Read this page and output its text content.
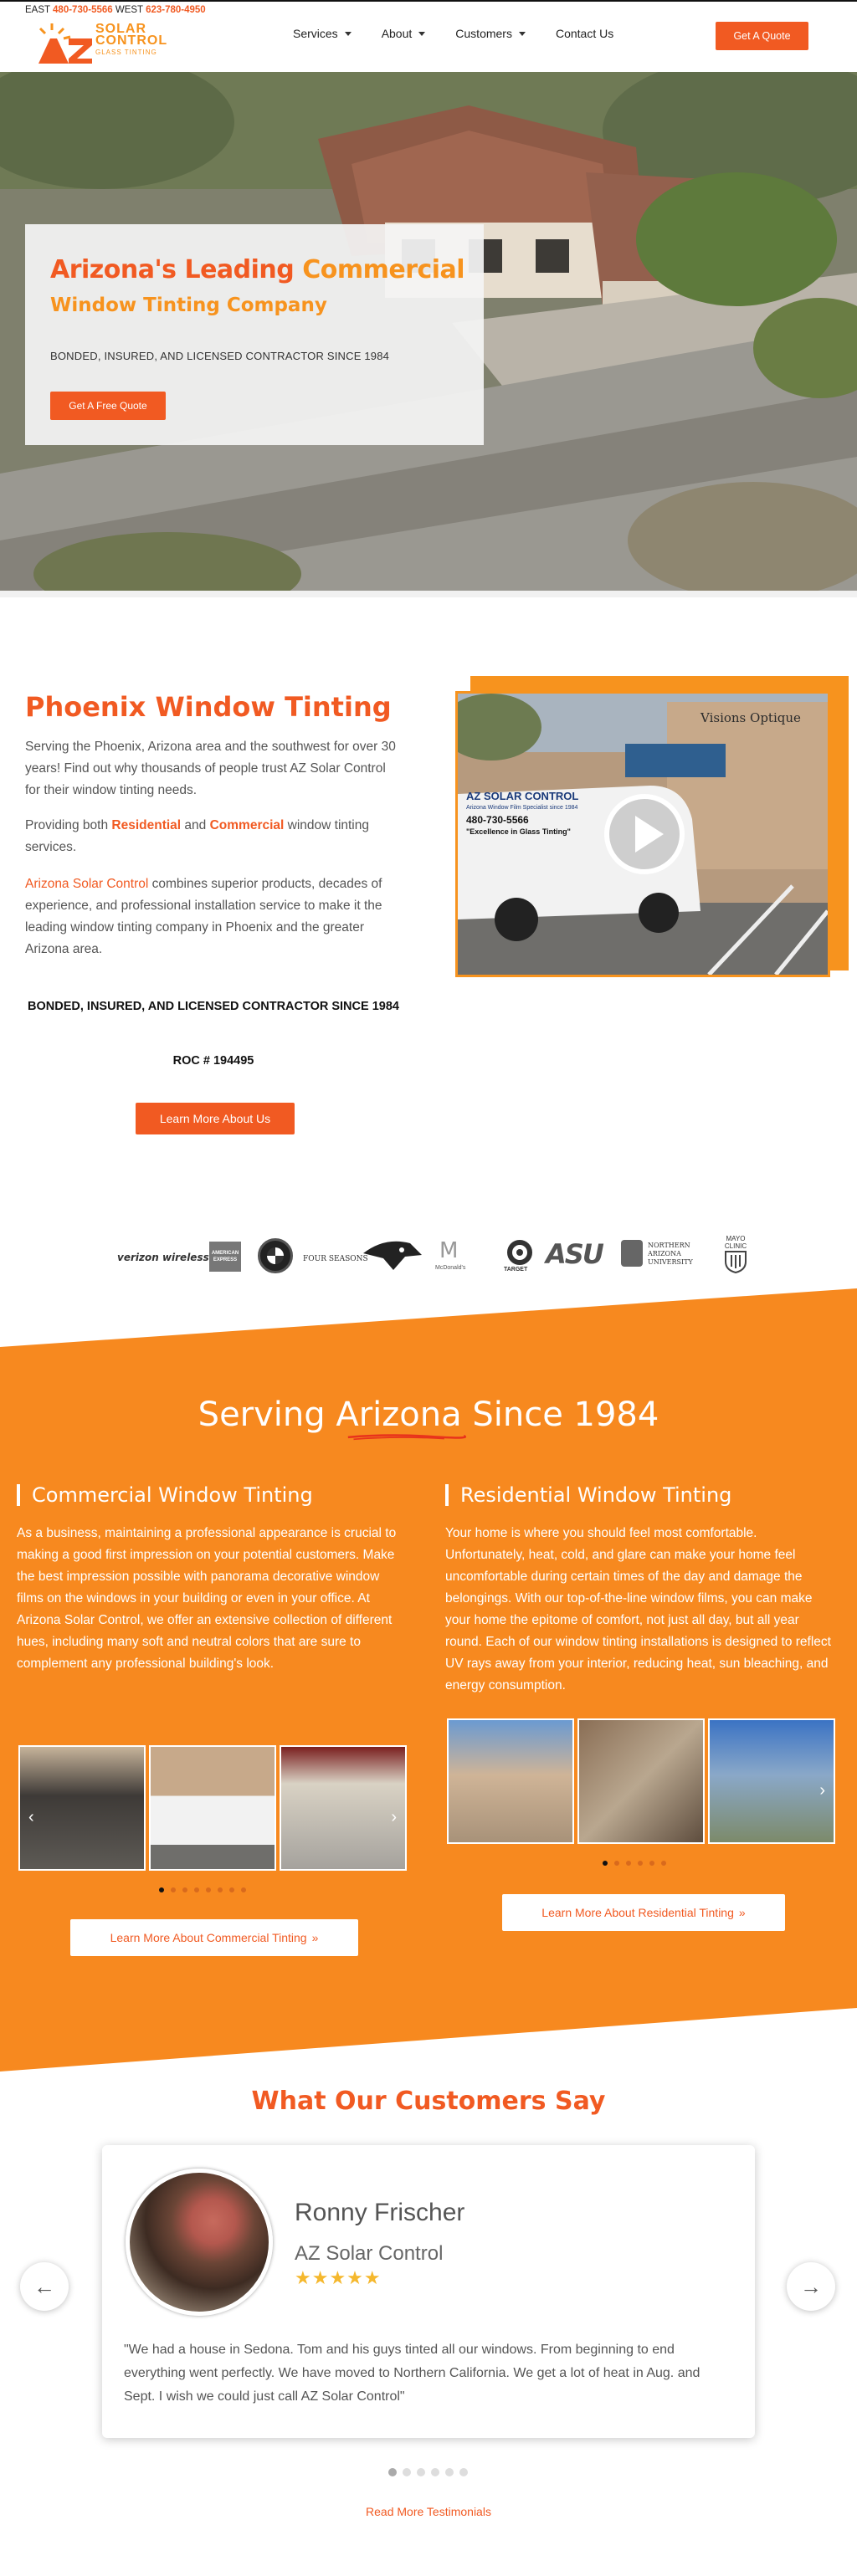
EAST 480-730-5566 WEST 623-780-4950
SOLAR
CONTROL
GLASS TINTING
Services	About	Customers	Contact Us	Get A Quote
Arizona's Leading Commercial
Window Tinting Company
BONDED, INSURED, AND LICENSED CONTRACTOR SINCE 1984
Get A Free Quote
Phoenix Window Tinting

Serving the Phoenix, Arizona area and the southwest for over 30 years! Find out why thousands of people trust AZ Solar Control for their window tinting needs.

Providing both Residential and Commercial window tinting services.

Arizona Solar Control combines superior products, decades of experience, and professional installation service to make it the leading window tinting company in Phoenix and the greater Arizona area.

BONDED, INSURED, AND LICENSED CONTRACTOR SINCE 1984
ROC # 194495
Learn More About Us
AZ SOLAR CONTROL
Arizona Window Film Specialist since 1984
480-730-5566
"Excellence in Glass Tinting"
Visions Optique
verizon wireless AMERICAN EXPRESS	FOUR SEASONS	M
McDonald's	TARGET ASU	NORTHERN ARIZONA UNIVERSITY
MAYO CLINIC
Serving Arizona Since 1984
Commercial Window Tinting

As a business, maintaining a professional appearance is crucial to making a good first impression on your potential customers. Make the best impression possible with panorama decorative window films on the windows in your building or even in your office. At Arizona Solar Control, we offer an extensive collection of different hues, including many soft and neutral colors that are sure to complement any professional building's look.

‹	›
Learn More About Commercial Tinting »
Residential Window Tinting

Your home is where you should feel most comfortable. Unfortunately, heat, cold, and glare can make your home feel uncomfortable during certain times of the day and damage the belongings. With our top-of-the-line window films, you can make your home the epitome of comfort, not just all day, but all year round. Each of our window tinting installations is designed to reflect UV rays away from your interior, reducing heat, sun bleaching, and energy consumption.

›
Learn More About Residential Tinting »
What Our Customers Say
Ronny Frischer
AZ Solar Control
★★★★★

"We had a house in Sedona. Tom and his guys tinted all our windows. From beginning to end everything went perfectly. We have moved to Northern California. We get a lot of heat in Aug. and Sept. I wish we could just call AZ Solar Control"

←	→
Read More Testimonials
